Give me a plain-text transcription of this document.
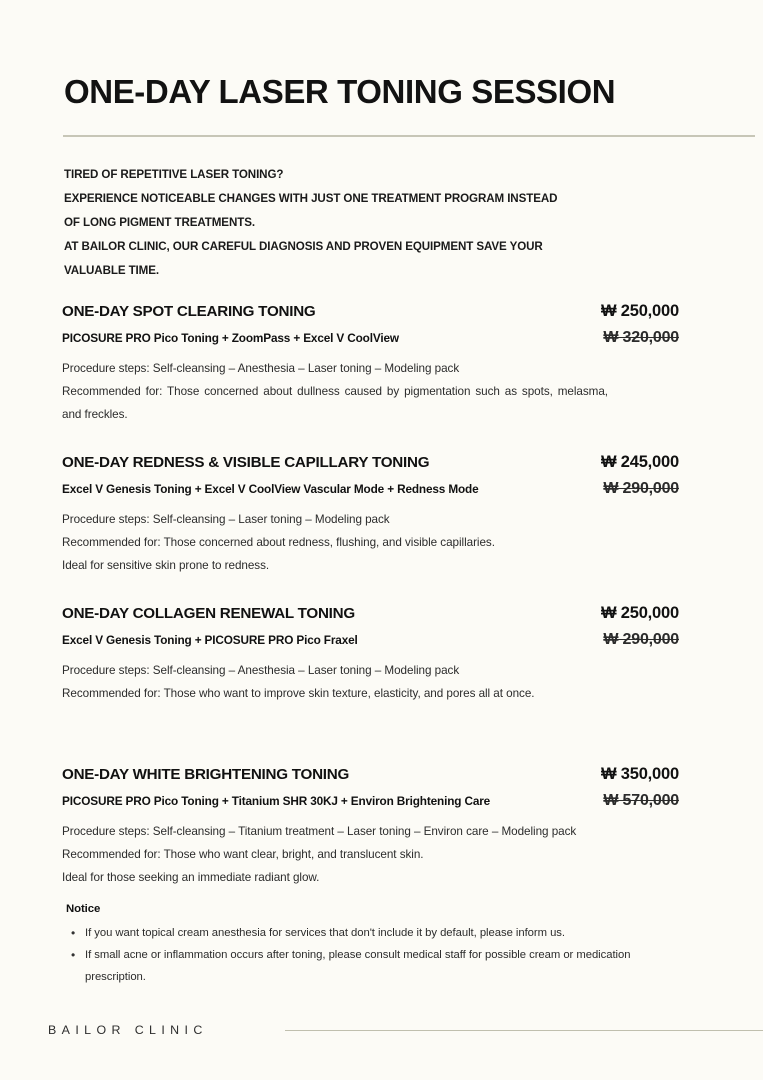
ONE-DAY LASER TONING SESSION
TIRED OF REPETITIVE LASER TONING?
EXPERIENCE NOTICEABLE CHANGES WITH JUST ONE TREATMENT PROGRAM INSTEAD
OF LONG PIGMENT TREATMENTS.
AT BAILOR CLINIC, OUR CAREFUL DIAGNOSIS AND PROVEN EQUIPMENT SAVE YOUR
VALUABLE TIME.
ONE-DAY SPOT CLEARING TONING	₩ 250,000
PICOSURE PRO Pico Toning + ZoomPass + Excel V CoolView	₩ 320,000

Procedure steps: Self-cleansing – Anesthesia – Laser toning – Modeling pack

Recommended for: Those concerned about dullness caused by pigmentation such as spots, melasma, and freckles.

ONE-DAY REDNESS & VISIBLE CAPILLARY TONING	₩ 245,000
Excel V Genesis Toning + Excel V CoolView Vascular Mode + Redness Mode	₩ 290,000

Procedure steps: Self-cleansing – Laser toning – Modeling pack

Recommended for: Those concerned about redness, flushing, and visible capillaries.

Ideal for sensitive skin prone to redness.

ONE-DAY COLLAGEN RENEWAL TONING	₩ 250,000
Excel V Genesis Toning + PICOSURE PRO Pico Fraxel	₩ 290,000

Procedure steps: Self-cleansing – Anesthesia – Laser toning – Modeling pack

Recommended for: Those who want to improve skin texture, elasticity, and pores all at once.

ONE-DAY WHITE BRIGHTENING TONING	₩ 350,000
PICOSURE PRO Pico Toning + Titanium SHR 30KJ + Environ Brightening Care	₩ 570,000

Procedure steps: Self-cleansing – Titanium treatment – Laser toning – Environ care – Modeling pack

Recommended for: Those who want clear, bright, and translucent skin.

Ideal for those seeking an immediate radiant glow.

Notice
• If you want topical cream anesthesia for services that don't include it by default, please inform us.
• If small acne or inflammation occurs after toning, please consult medical staff for possible cream or medication prescription.
BAILOR CLINIC
